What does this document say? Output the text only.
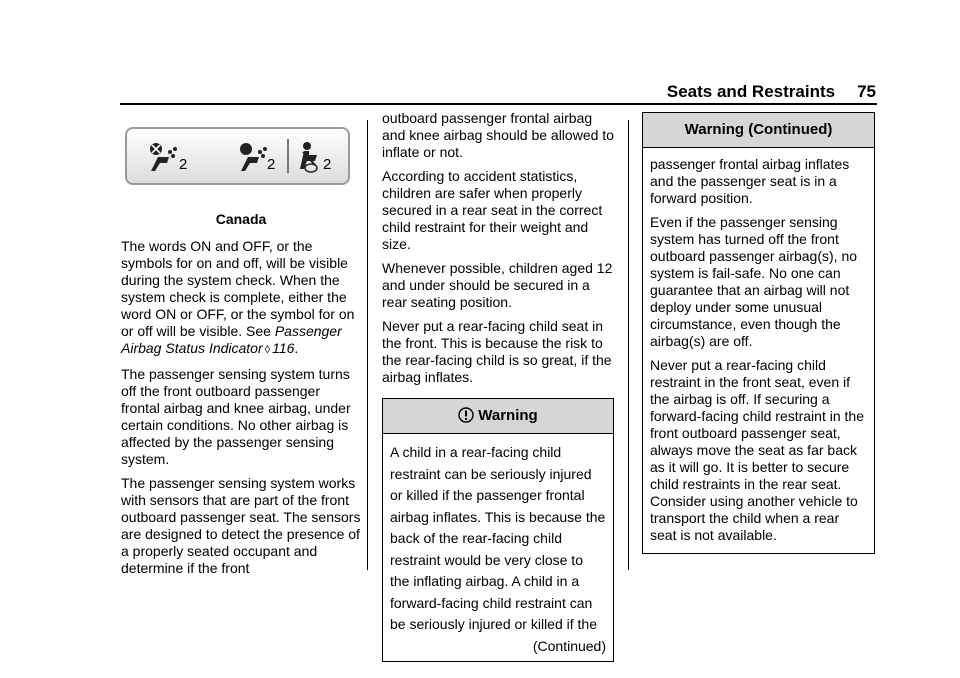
Seats and Restraints 75
2	2	2
Canada

The words ON and OFF, or the symbols for on and off, will be visible during the system check. When the system check is complete, either the word ON or OFF, or the symbol for on or off will be visible. See Passenger Airbag Status Indicator ◊ 116.

The passenger sensing system turns off the front outboard passenger frontal airbag and knee airbag, under certain conditions. No other airbag is affected by the passenger sensing system.

The passenger sensing system works with sensors that are part of the front outboard passenger seat. The sensors are designed to detect the presence of a properly seated occupant and determine if the front

outboard passenger frontal airbag and knee airbag should be allowed to inflate or not.

According to accident statistics, children are safer when properly secured in a rear seat in the correct child restraint for their weight and size.

Whenever possible, children aged 12 and under should be secured in a rear seating position.

Never put a rear-facing child seat in the front. This is because the risk to the rear-facing child is so great, if the airbag inflates.

Warning

A child in a rear-facing child restraint can be seriously injured or killed if the passenger frontal airbag inflates. This is because the back of the rear-facing child restraint would be very close to the inflating airbag. A child in a forward-facing child restraint can be seriously injured or killed if the

(Continued)
Warning (Continued)

passenger frontal airbag inflates and the passenger seat is in a forward position.

Even if the passenger sensing system has turned off the front outboard passenger airbag(s), no system is fail-safe. No one can guarantee that an airbag will not deploy under some unusual circumstance, even though the airbag(s) are off.

Never put a rear-facing child restraint in the front seat, even if the airbag is off. If securing a forward-facing child restraint in the front outboard passenger seat, always move the seat as far back as it will go. It is better to secure child restraints in the rear seat. Consider using another vehicle to transport the child when a rear seat is not available.
